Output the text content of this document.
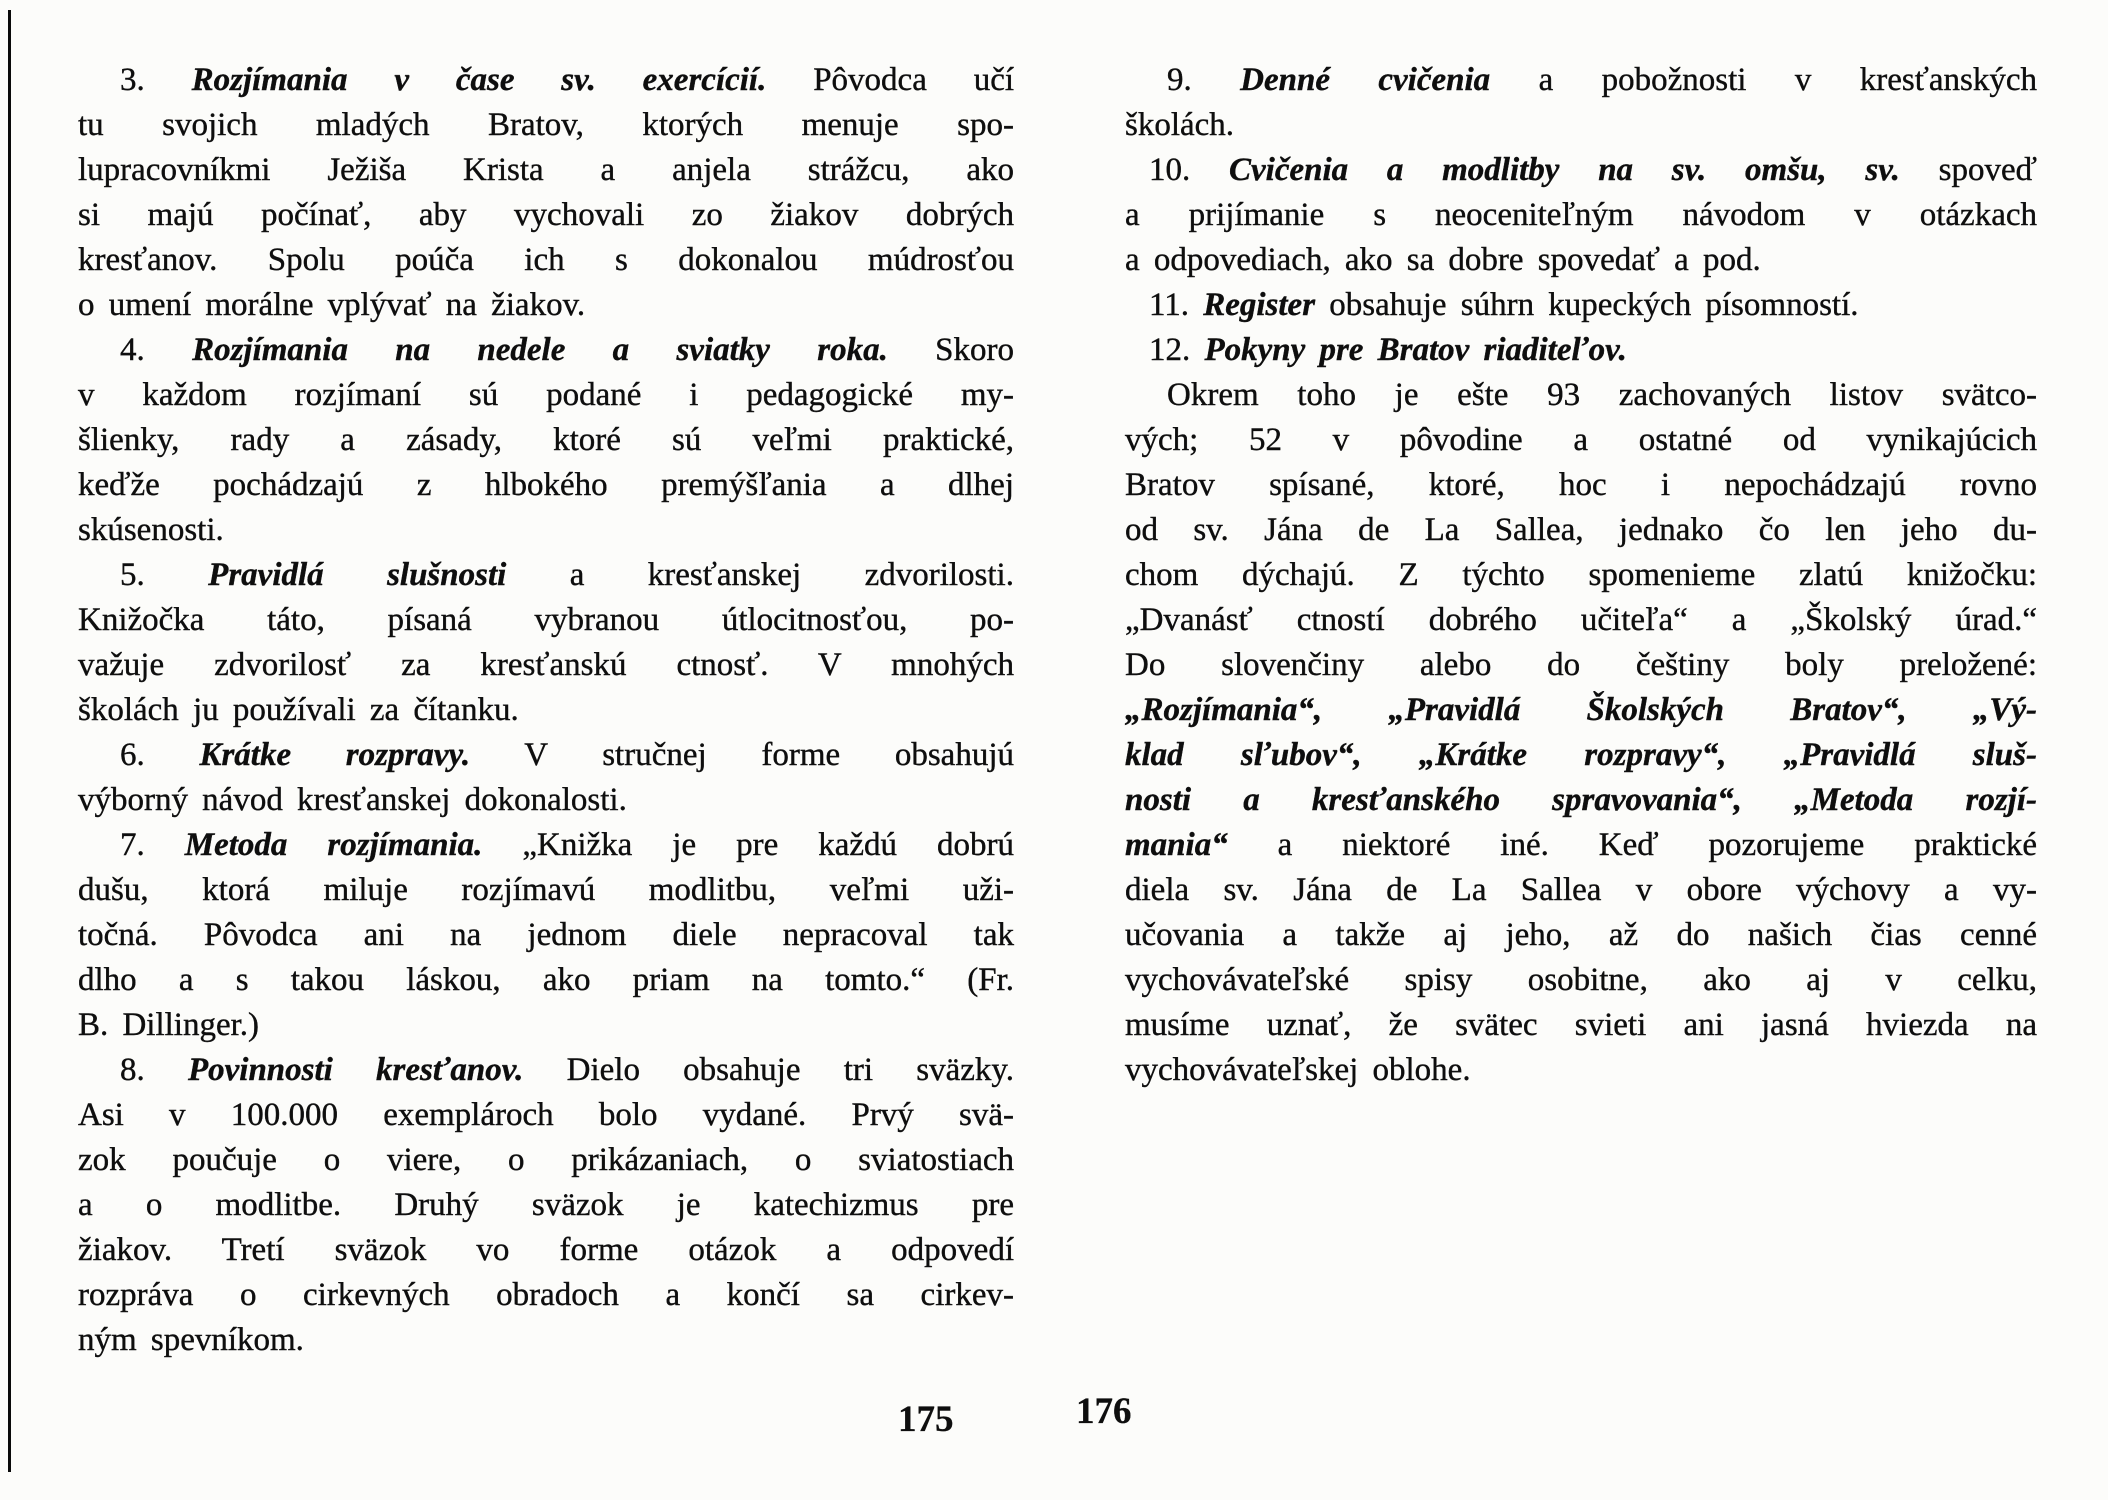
3. Rozjímania v čase sv. exercícií. Pôvodca učí
tu svojich mladých Bratov, ktorých menuje spo-
lupracovníkmi Ježiša Krista a anjela strážcu, ako
si majú počínať, aby vychovali zo žiakov dobrých
kresťanov. Spolu poúča ich s dokonalou múdrosťou
o umení morálne vplývať na žiakov.
4. Rozjímania na nedele a sviatky roka. Skoro
v každom rozjímaní sú podané i pedagogické my-
šlienky, rady a zásady, ktoré sú veľmi praktické,
keďže pochádzajú z hlbokého premýšľania a dlhej
skúsenosti.
5. Pravidlá slušnosti a kresťanskej zdvorilosti.
Knižočka táto, písaná vybranou útlocitnosťou, po-
važuje zdvorilosť za kresťanskú ctnosť. V mnohých
školách ju používali za čítanku.
6. Krátke rozpravy. V stručnej forme obsahujú
výborný návod kresťanskej dokonalosti.
7. Metoda rozjímania. „Knižka je pre každú dobrú
dušu, ktorá miluje rozjímavú modlitbu, veľmi uži-
točná. Pôvodca ani na jednom diele nepracoval tak
dlho a s takou láskou, ako priam na tomto.“ (Fr.
B. Dillinger.)
8. Povinnosti kresťanov. Dielo obsahuje tri sväzky.
Asi v 100.000 exemplároch bolo vydané. Prvý svä-
zok poučuje o viere, o prikázaniach, o sviatostiach
a o modlitbe. Druhý sväzok je katechizmus pre
žiakov. Tretí sväzok vo forme otázok a odpovedí
rozpráva o cirkevných obradoch a končí sa cirkev-
ným spevníkom.
9. Denné cvičenia a pobožnosti v kresťanských
školách.
10. Cvičenia a modlitby na sv. omšu, sv. spoveď
a prijímanie s neoceniteľným návodom v otázkach
a odpovediach, ako sa dobre spovedať a pod.
11. Register obsahuje súhrn kupeckých písomností.
12. Pokyny pre Bratov riaditeľov.
Okrem toho je ešte 93 zachovaných listov svätco-
vých; 52 v pôvodine a ostatné od vynikajúcich
Bratov spísané, ktoré, hoc i nepochádzajú rovno
od sv. Jána de La Sallea, jednako čo len jeho du-
chom dýchajú. Z týchto spomenieme zlatú knižočku:
„Dvanásť ctností dobrého učiteľa“ a „Školský úrad.“
Do slovenčiny alebo do češtiny boly preložené:
„Rozjímania“, „Pravidlá Školských Bratov“, „Vý-
klad sľubov“, „Krátke rozpravy“, „Pravidlá sluš-
nosti a kresťanského spravovania“, „Metoda rozjí-
mania“ a niektoré iné. Keď pozorujeme praktické
diela sv. Jána de La Sallea v obore výchovy a vy-
učovania a takže aj jeho, až do našich čias cenné
vychovávateľské spisy osobitne, ako aj v celku,
musíme uznať, že svätec svieti ani jasná hviezda na
vychovávateľskej oblohe.
175	176
